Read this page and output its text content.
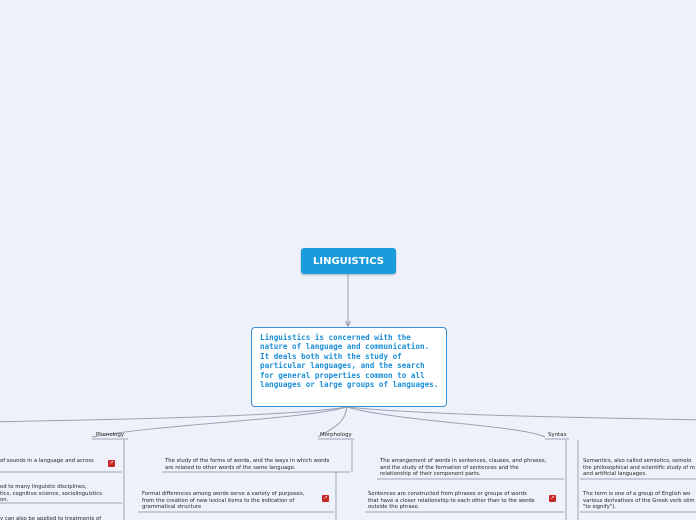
LINGUISTICS
Linguistics is concerned with the nature of language and communication. It deals both with the study of particular languages, and the search for general properties common to all languages or large groups of languages.
Phonology	Morphology	Syntax
of sounds in a language and across	↗
ed to many linguistic disciplines,
tics, cognitive science, sociolinguistics
on.
y can also be applied to treatments of
The study of the forms of words, and the ways in which words
are related to other words of the same language.
Formal differences among words serve a variety of purposes,
from the creation of new lexical items to the indication of
grammatical structure
↗
The arrangement of words in sentences, clauses, and phrases,
and the study of the formation of sentences and the
relationship of their component parts.
Sentences are constructed from phrases or groups of words
that have a closer relationship to each other than to the words
outside the phrase.
↗
Semantics, also called semiotics, semolo
the philosophical and scientific study of m
and artificial languages.
The term is one of a group of English wo
various derivatives of the Greek verb sēm
"to signify").
